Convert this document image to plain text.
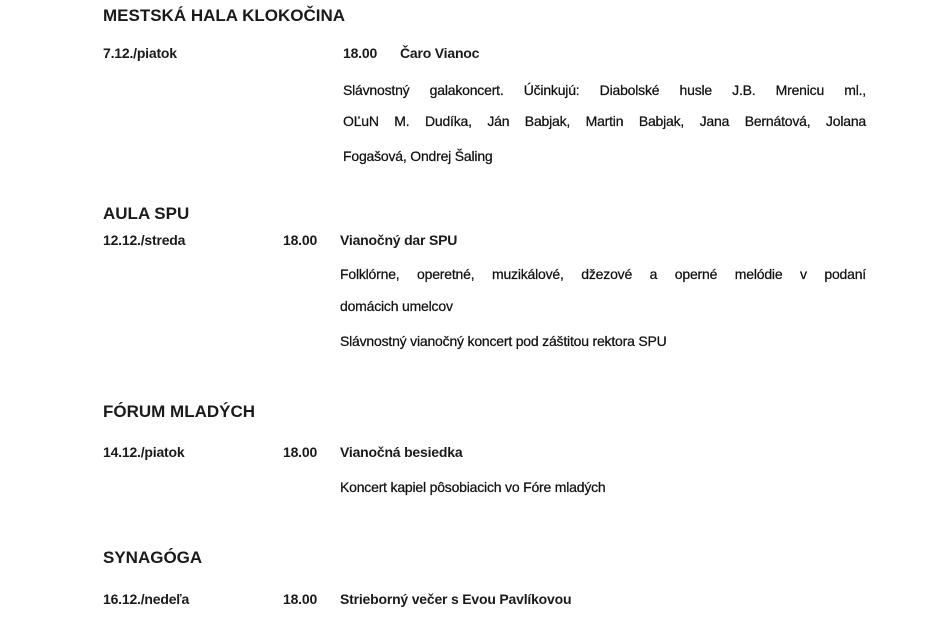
MESTSKÁ HALA KLOKOČINA
7.12./piatok	18.00 Čaro Vianoc
Slávnostný galakoncert. Účinkujú: Diabolské husle J.B. Mrenicu ml.,
OĽuN M. Dudíka, Ján Babjak, Martin Babjak, Jana Bernátová, Jolana
Fogašová, Ondrej Šaling
AULA SPU
12.12./streda	18.00 Vianočný dar SPU
Folklórne, operetné, muzikálové, džezové a operné melódie v podaní
domácich umelcov
Slávnostný vianočný koncert pod záštitou rektora SPU
FÓRUM MLADÝCH
14.12./piatok	18.00 Vianočná besiedka
Koncert kapiel pôsobiacich vo Fóre mladých
SYNAGÓGA
16.12./nedeľa	18.00 Strieborný večer s Evou Pavlíkovou
